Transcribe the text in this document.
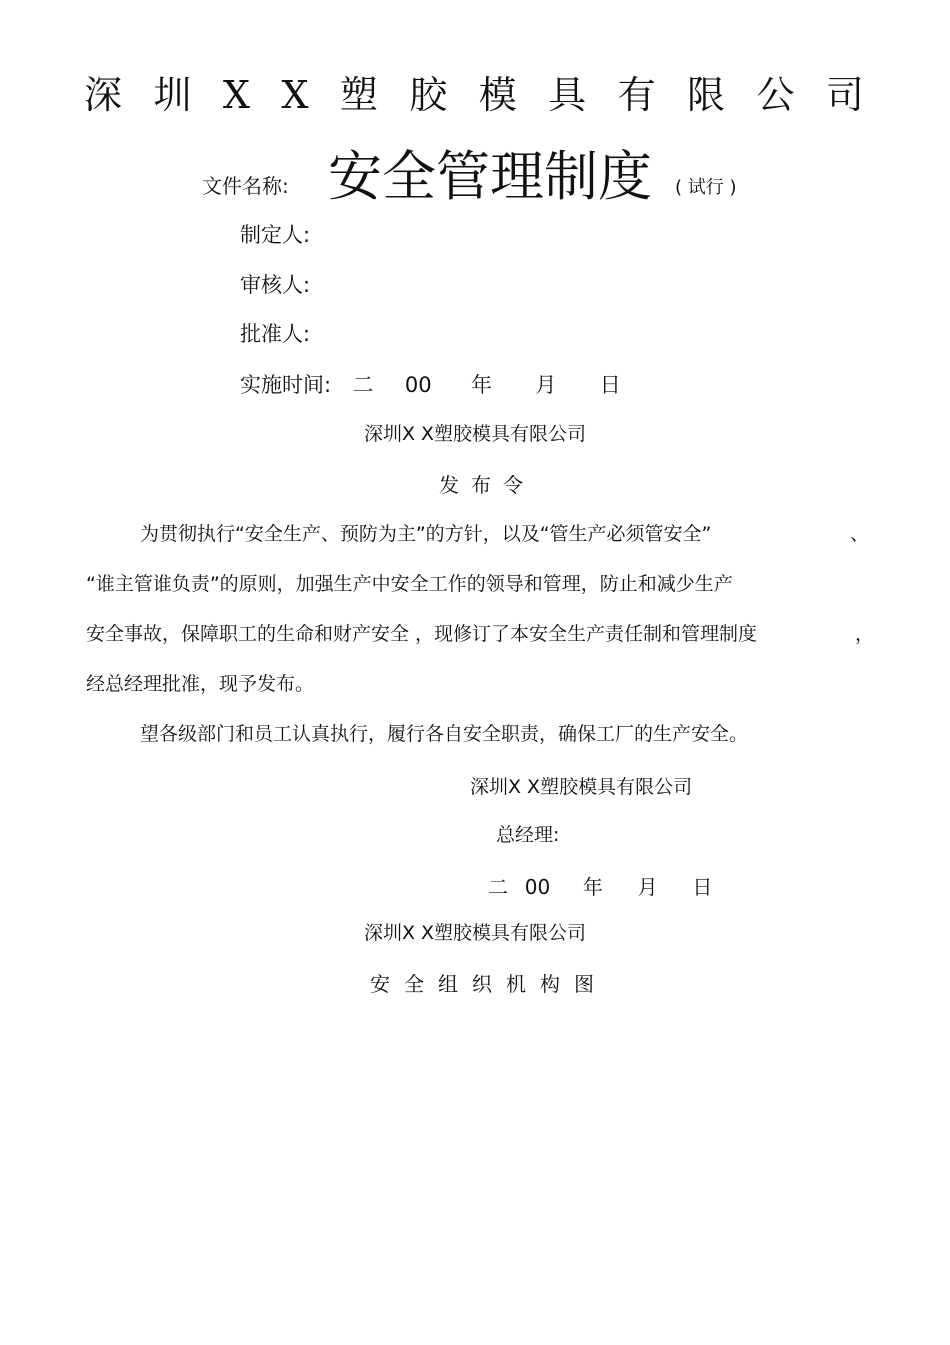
深 圳 X X 塑 胶 模 具 有 限 公 司
文件名称: 安全管理制度 ( 试行 )
制定人:
审核人:
批准人:
实施时间: 二 00 年 月 日
深圳X X塑胶模具有限公司
发布令
为贯彻执行“安全生产、预防为主”的方针，以及“管生产必须管安全”	、
“谁主管谁负责”的原则，加强生产中安全工作的领导和管理，防止和减少生产
安全事故，保障职工的生命和财产安全 ，现修订了本安全生产责任制和管理制度	，
经总经理批准，现予发布。
望各级部门和员工认真执行，履行各自安全职责，确保工厂的生产安全。
深圳X X塑胶模具有限公司
总经理:
二 00 年 月 日
深圳X X塑胶模具有限公司
安全组织机构图
